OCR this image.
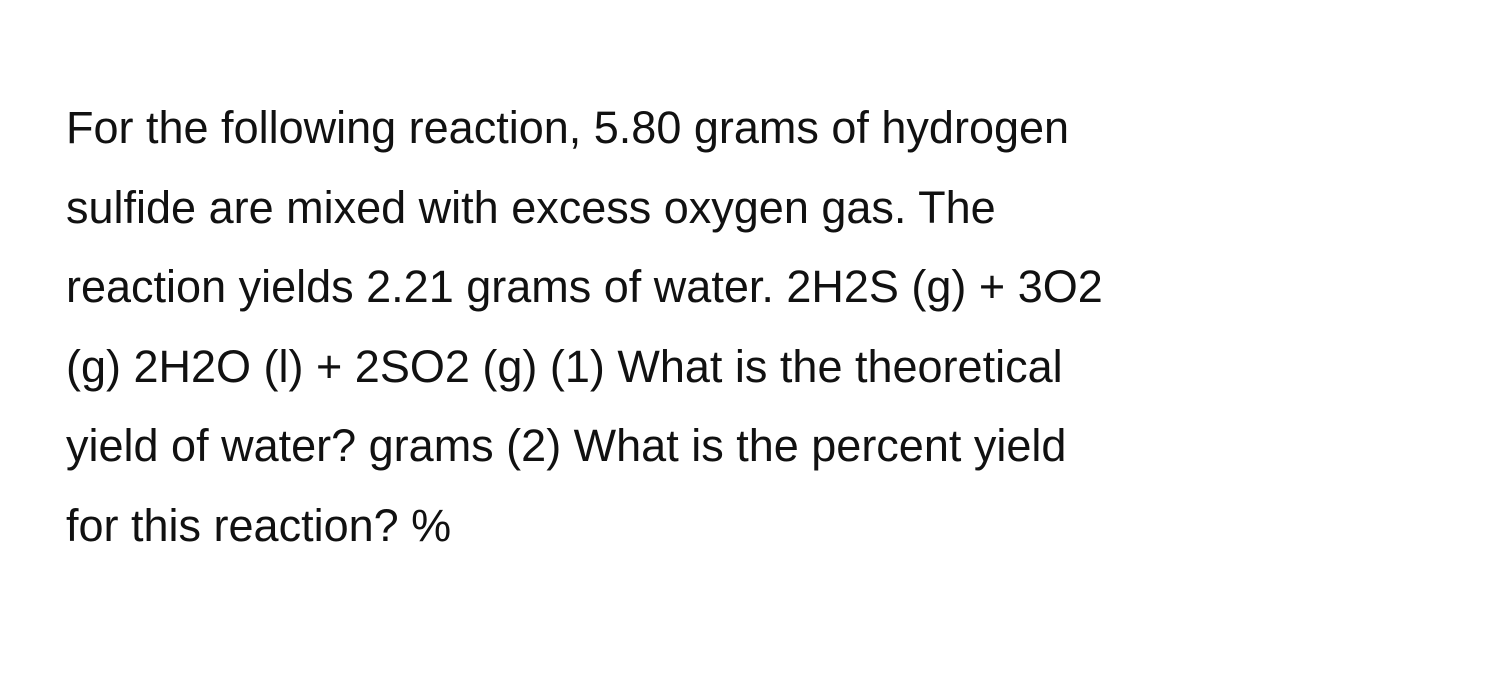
For the following reaction, 5.80 grams of hydrogen
sulfide are mixed with excess oxygen gas. The
reaction yields 2.21 grams of water. 2H2S (g) + 3O2
(g) 2H2O (l) + 2SO2 (g) (1) What is the theoretical
yield of water? grams (2) What is the percent yield
for this reaction? %
